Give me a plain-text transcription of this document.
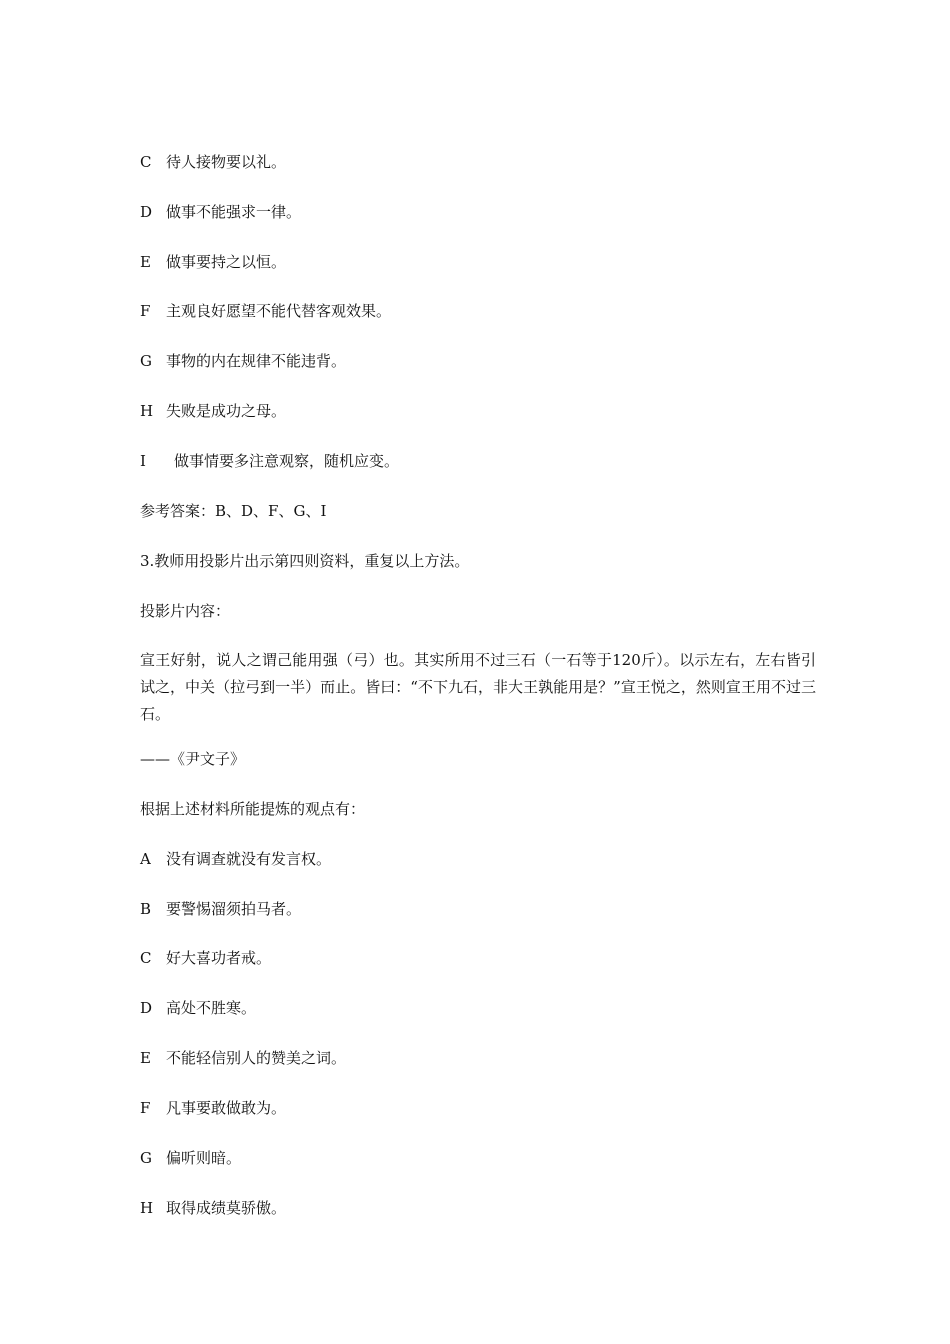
C 待人接物要以礼。
D 做事不能强求一律。
E 做事要持之以恒。
F 主观良好愿望不能代替客观效果。
G 事物的内在规律不能违背。
H 失败是成功之母。
I 做事情要多注意观察，随机应变。
参考答案：B、D、F、G、I
3.教师用投影片出示第四则资料，重复以上方法。
投影片内容：
宣王好射，说人之谓己能用强（弓）也。其实所用不过三石（一石等于120斤）。以示左右，左右皆引试之，中关（拉弓到一半）而止。皆曰：“不下九石，非大王孰能用是？”宣王悦之，然则宣王用不过三石。
——《尹文子》
根据上述材料所能提炼的观点有：
A 没有调查就没有发言权。
B 要警惕溜须拍马者。
C 好大喜功者戒。
D 高处不胜寒。
E 不能轻信别人的赞美之词。
F 凡事要敢做敢为。
G 偏听则暗。
H 取得成绩莫骄傲。
